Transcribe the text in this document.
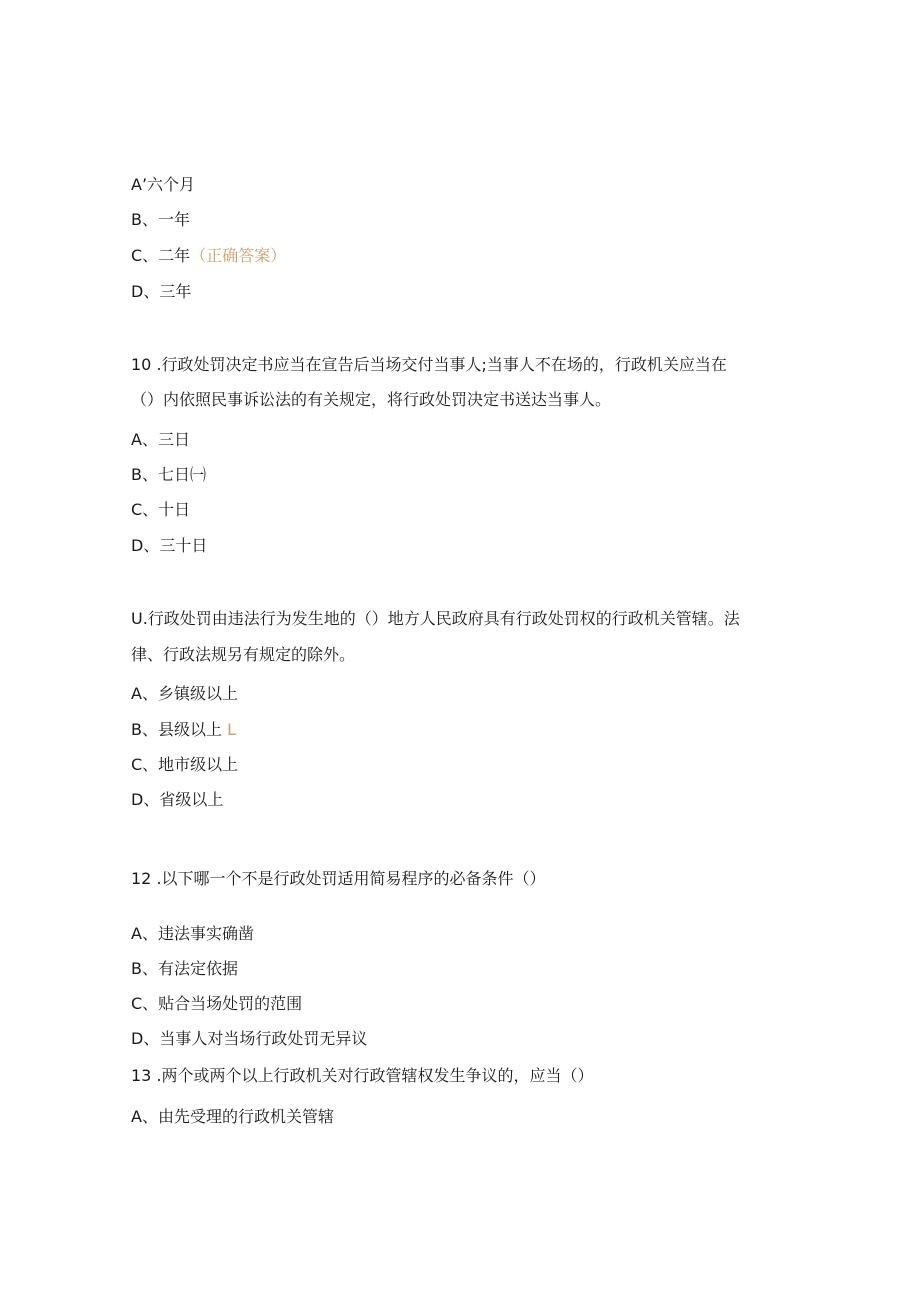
A’六个月
B、一年
C、二年（正确答案）
D、三年
10 .行政处罚决定书应当在宣告后当场交付当事人;当事人不在场的，行政机关应当在
（）内依照民事诉讼法的有关规定，将行政处罚决定书送达当事人。
A、三日
B、七日㈠
C、十日
D、三十日
U.行政处罚由违法行为发生地的（）地方人民政府具有行政处罚权的行政机关管辖。法
律、行政法规另有规定的除外。
A、乡镇级以上
B、县级以上 L
C、地市级以上
D、省级以上
12 .以下哪一个不是行政处罚适用简易程序的必备条件（）
A、违法事实确凿
B、有法定依据
C、贴合当场处罚的范围
D、当事人对当场行政处罚无异议
13 .两个或两个以上行政机关对行政管辖权发生争议的，应当（）
A、由先受理的行政机关管辖
